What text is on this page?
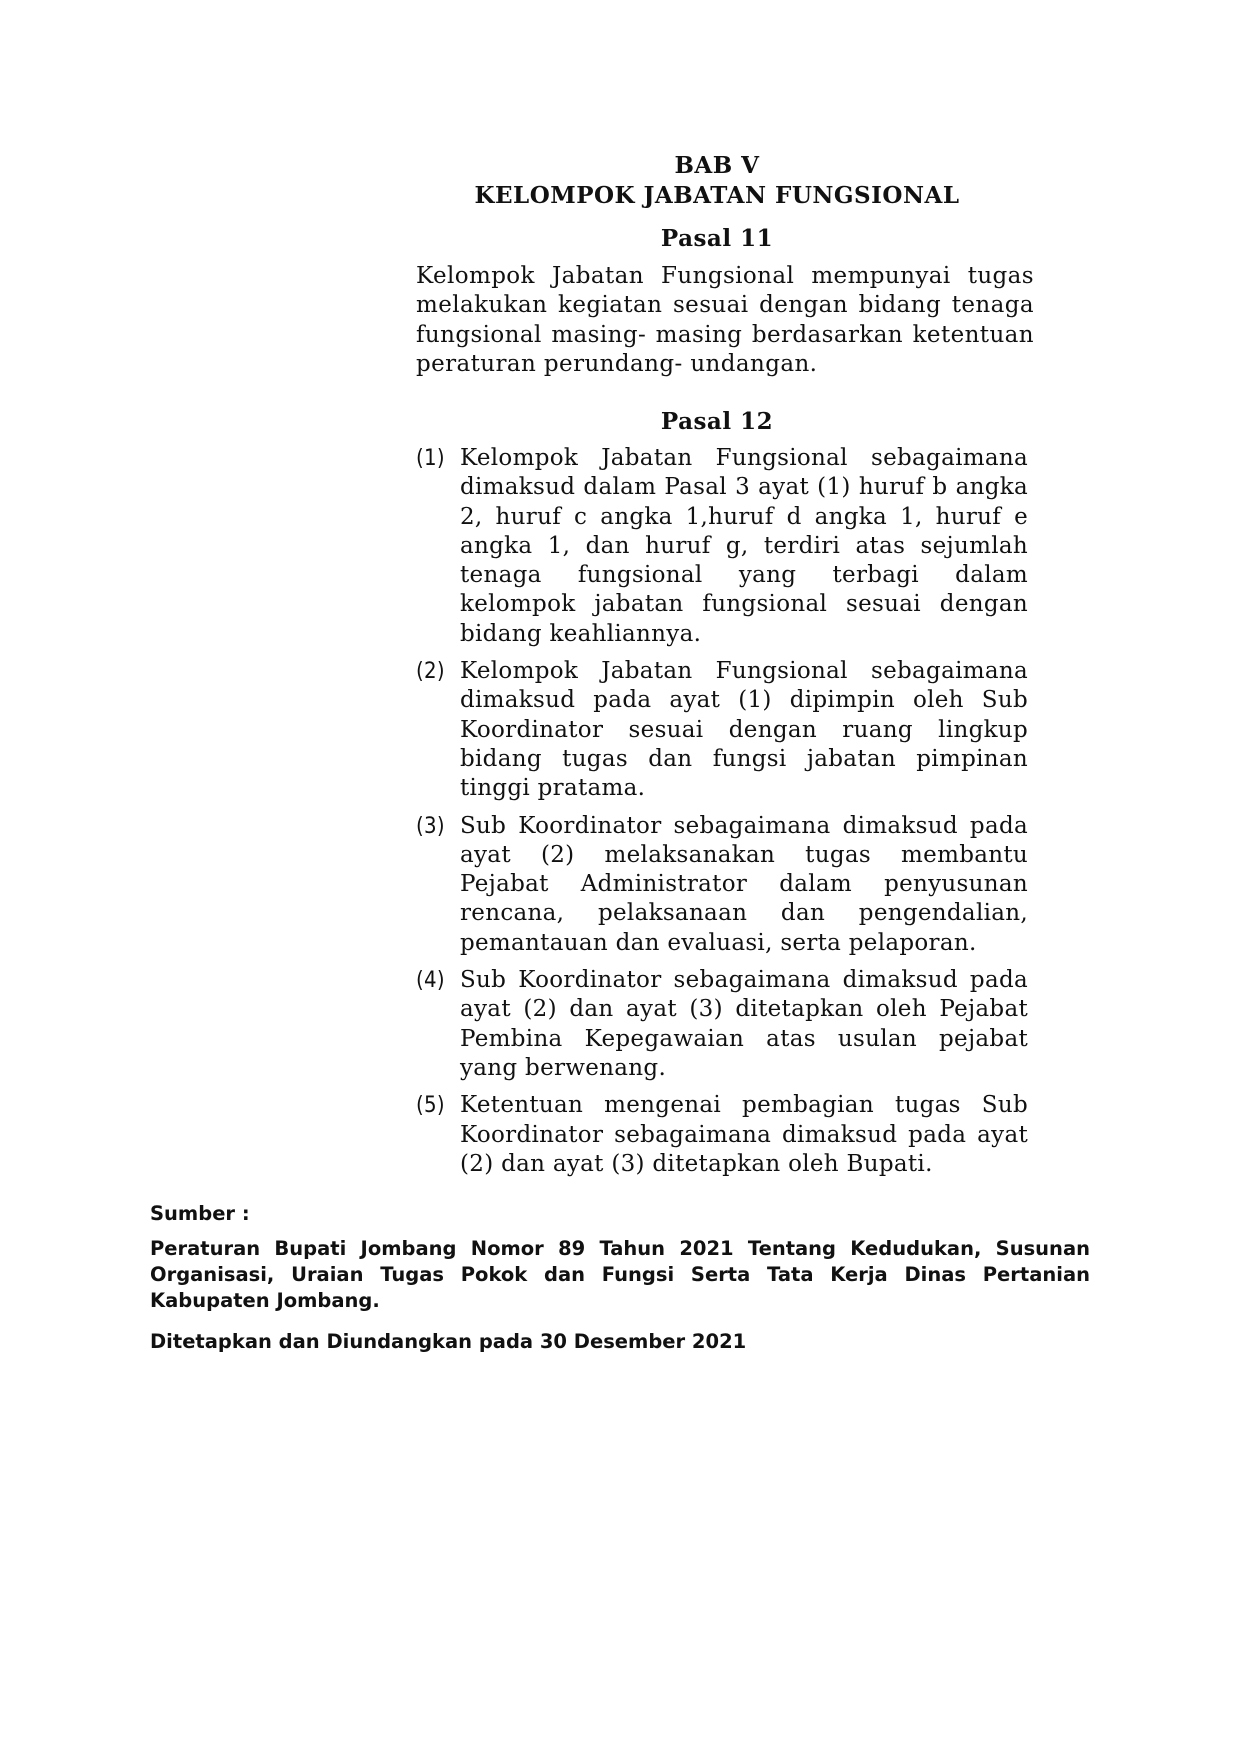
BAB V

KELOMPOK JABATAN FUNGSIONAL

Pasal 11

Kelompok Jabatan Fungsional mempunyai tugas melakukan kegiatan sesuai dengan bidang tenaga fungsional masing- masing berdasarkan ketentuan peraturan perundang- undangan.

Pasal 12

(1) Kelompok Jabatan Fungsional sebagaimana dimaksud dalam Pasal 3 ayat (1) huruf b angka 2, huruf c angka 1,huruf d angka 1, huruf e angka 1, dan huruf g, terdiri atas sejumlah tenaga fungsional yang terbagi dalam kelompok jabatan fungsional sesuai dengan bidang keahliannya.

(2) Kelompok Jabatan Fungsional sebagaimana dimaksud pada ayat (1) dipimpin oleh Sub Koordinator sesuai dengan ruang lingkup bidang tugas dan fungsi jabatan pimpinan tinggi pratama.

(3) Sub Koordinator sebagaimana dimaksud pada ayat (2) melaksanakan tugas membantu Pejabat Administrator dalam penyusunan rencana, pelaksanaan dan pengendalian, pemantauan dan evaluasi, serta pelaporan.

(4) Sub Koordinator sebagaimana dimaksud pada ayat (2) dan ayat (3) ditetapkan oleh Pejabat Pembina Kepegawaian atas usulan pejabat yang berwenang.

(5) Ketentuan mengenai pembagian tugas Sub Koordinator sebagaimana dimaksud pada ayat (2) dan ayat (3) ditetapkan oleh Bupati.

Sumber :

Peraturan Bupati Jombang Nomor 89 Tahun 2021 Tentang Kedudukan, Susunan Organisasi, Uraian Tugas Pokok dan Fungsi Serta Tata Kerja Dinas Pertanian Kabupaten Jombang.

Ditetapkan dan Diundangkan pada 30 Desember 2021
